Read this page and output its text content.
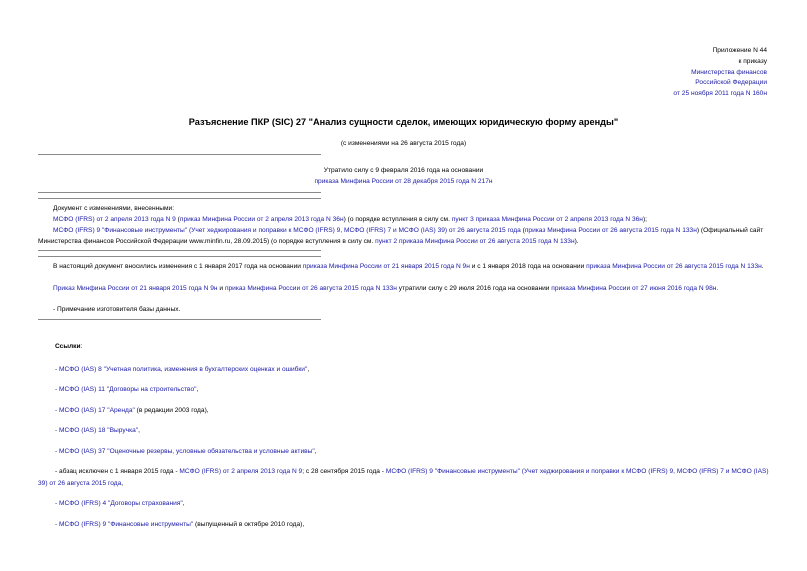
Приложение N 44
к приказу
Министерства финансов
Российской Федерации
от 25 ноября 2011 года N 160н
Разъяснение ПКР (SIC) 27 "Анализ сущности сделок, имеющих юридическую форму аренды"
(с изменениями на 26 августа 2015 года)
Утратило силу с 9 февраля 2016 года на основании
приказа Минфина России от 28 декабря 2015 года N 217н
Документ с изменениями, внесенными:
МСФО (IFRS) от 2 апреля 2013 года N 9 (приказ Минфина России от 2 апреля 2013 года N 36н) (о порядке вступления в силу см. пункт 3 приказа Минфина России от 2 апреля 2013 года N 36н);
МСФО (IFRS) 9 "Финансовые инструменты" (Учет хеджирования и поправки к МСФО (IFRS) 9, МСФО (IFRS) 7 и МСФО (IAS) 39) от 26 августа 2015 года (приказ Минфина России от 26 августа 2015 года N 133н) (Официальный сайт Министерства финансов Российской Федерации www.minfin.ru, 28.09.2015) (о порядке вступления в силу см. пункт 2 приказа Минфина России от 26 августа 2015 года N 133н).
В настоящий документ вносились изменения с 1 января 2017 года на основании приказа Минфина России от 21 января 2015 года N 9н и с 1 января 2018 года на основании приказа Минфина России от 26 августа 2015 года N 133н.
Приказ Минфина России от 21 января 2015 года N 9н и приказ Минфина России от 26 августа 2015 года N 133н утратили силу с 29 июля 2016 года на основании приказа Минфина России от 27 июня 2016 года N 98н.
- Примечание изготовителя базы данных.
Ссылки:
- МСФО (IAS) 8 "Учетная политика, изменения в бухгалтерских оценках и ошибки",
- МСФО (IAS) 11 "Договоры на строительство",
- МСФО (IAS) 17 "Аренда" (в редакции 2003 года),
- МСФО (IAS) 18 "Выручка",
- МСФО (IAS) 37 "Оценочные резервы, условные обязательства и условные активы",
- абзац исключен с 1 января 2015 года - МСФО (IFRS) от 2 апреля 2013 года N 9; с 28 сентября 2015 года - МСФО (IFRS) 9 "Финансовые инструменты" (Учет хеджирования и поправки к МСФО (IFRS) 9, МСФО (IFRS) 7 и МСФО (IAS) 39) от 26 августа 2015 года,
- МСФО (IFRS) 4 "Договоры страхования",
- МСФО (IFRS) 9 "Финансовые инструменты" (выпущенный в октябре 2010 года),
